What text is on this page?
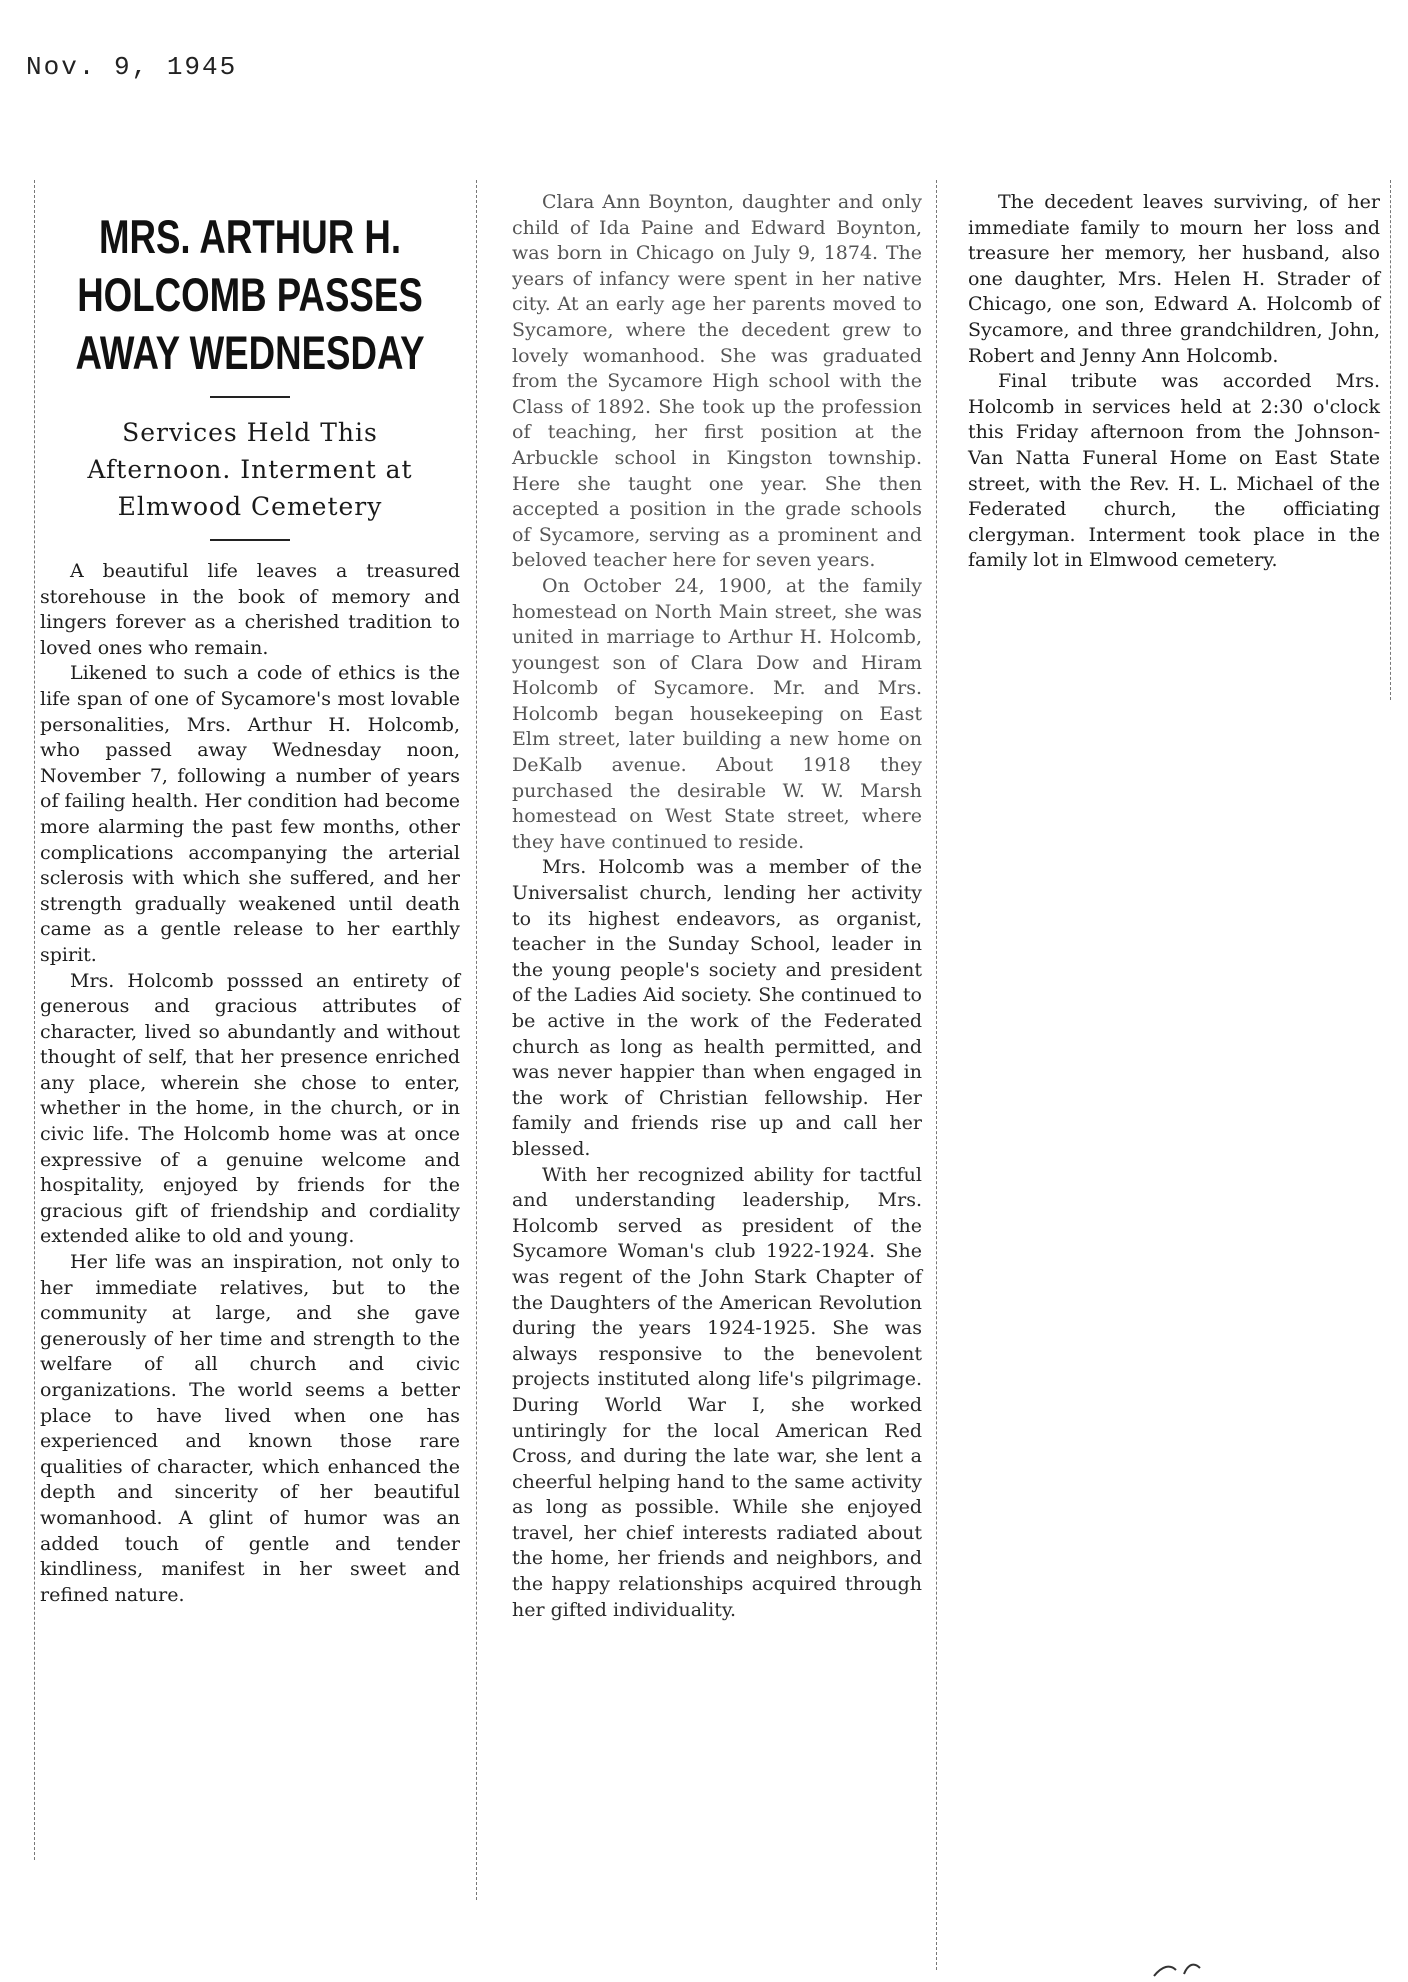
Nov. 9, 1945
MRS. ARTHUR H. HOLCOMB PASSES AWAY WEDNESDAY
Services Held This Afternoon. Interment at Elmwood Cemetery

A beautiful life leaves a treasured storehouse in the book of memory and lingers forever as a cherished tradition to loved ones who remain.

Likened to such a code of ethics is the life span of one of Sycamore's most lovable personalities, Mrs. Arthur H. Holcomb, who passed away Wednesday noon, November 7, following a number of years of failing health. Her condition had become more alarming the past few months, other complications accompanying the arterial sclerosis with which she suffered, and her strength gradually weakened until death came as a gentle release to her earthly spirit.

Mrs. Holcomb posssed an entirety of generous and gracious attributes of character, lived so abundantly and without thought of self, that her presence enriched any place, wherein she chose to enter, whether in the home, in the church, or in civic life. The Holcomb home was at once expressive of a genuine welcome and hospitality, enjoyed by friends for the gracious gift of friendship and cordiality extended alike to old and young.

Her life was an inspiration, not only to her immediate relatives, but to the community at large, and she gave generously of her time and strength to the welfare of all church and civic organizations. The world seems a better place to have lived when one has experienced and known those rare qualities of character, which enhanced the depth and sincerity of her beautiful womanhood. A glint of humor was an added touch of gentle and tender kindliness, manifest in her sweet and refined nature.

Clara Ann Boynton, daughter and only child of Ida Paine and Edward Boynton, was born in Chicago on July 9, 1874. The years of infancy were spent in her native city. At an early age her parents moved to Sycamore, where the decedent grew to lovely womanhood. She was graduated from the Sycamore High school with the Class of 1892. She took up the profession of teaching, her first position at the Arbuckle school in Kingston township. Here she taught one year. She then accepted a position in the grade schools of Sycamore, serving as a prominent and beloved teacher here for seven years.

On October 24, 1900, at the family homestead on North Main street, she was united in marriage to Arthur H. Holcomb, youngest son of Clara Dow and Hiram Holcomb of Sycamore. Mr. and Mrs. Holcomb began housekeeping on East Elm street, later building a new home on DeKalb avenue. About 1918 they purchased the desirable W. W. Marsh homestead on West State street, where they have continued to reside.

Mrs. Holcomb was a member of the Universalist church, lending her activity to its highest endeavors, as organist, teacher in the Sunday School, leader in the young people's society and president of the Ladies Aid society. She continued to be active in the work of the Federated church as long as health permitted, and was never happier than when engaged in the work of Christian fellowship. Her family and friends rise up and call her blessed.

With her recognized ability for tactful and understanding leadership, Mrs. Holcomb served as president of the Sycamore Woman's club 1922-1924. She was regent of the John Stark Chapter of the Daughters of the American Revolution during the years 1924-1925. She was always responsive to the benevolent projects instituted along life's pilgrimage. During World War I, she worked untiringly for the local American Red Cross, and during the late war, she lent a cheerful helping hand to the same activity as long as possible. While she enjoyed travel, her chief interests radiated about the home, her friends and neighbors, and the happy relationships acquired through her gifted individuality.

The decedent leaves surviving, of her immediate family to mourn her loss and treasure her memory, her husband, also one daughter, Mrs. Helen H. Strader of Chicago, one son, Edward A. Holcomb of Sycamore, and three grandchildren, John, Robert and Jenny Ann Holcomb.

Final tribute was accorded Mrs. Holcomb in services held at 2:30 o'clock this Friday afternoon from the Johnson-Van Natta Funeral Home on East State street, with the Rev. H. L. Michael of the Federated church, the officiating clergyman. Interment took place in the family lot in Elmwood cemetery.
